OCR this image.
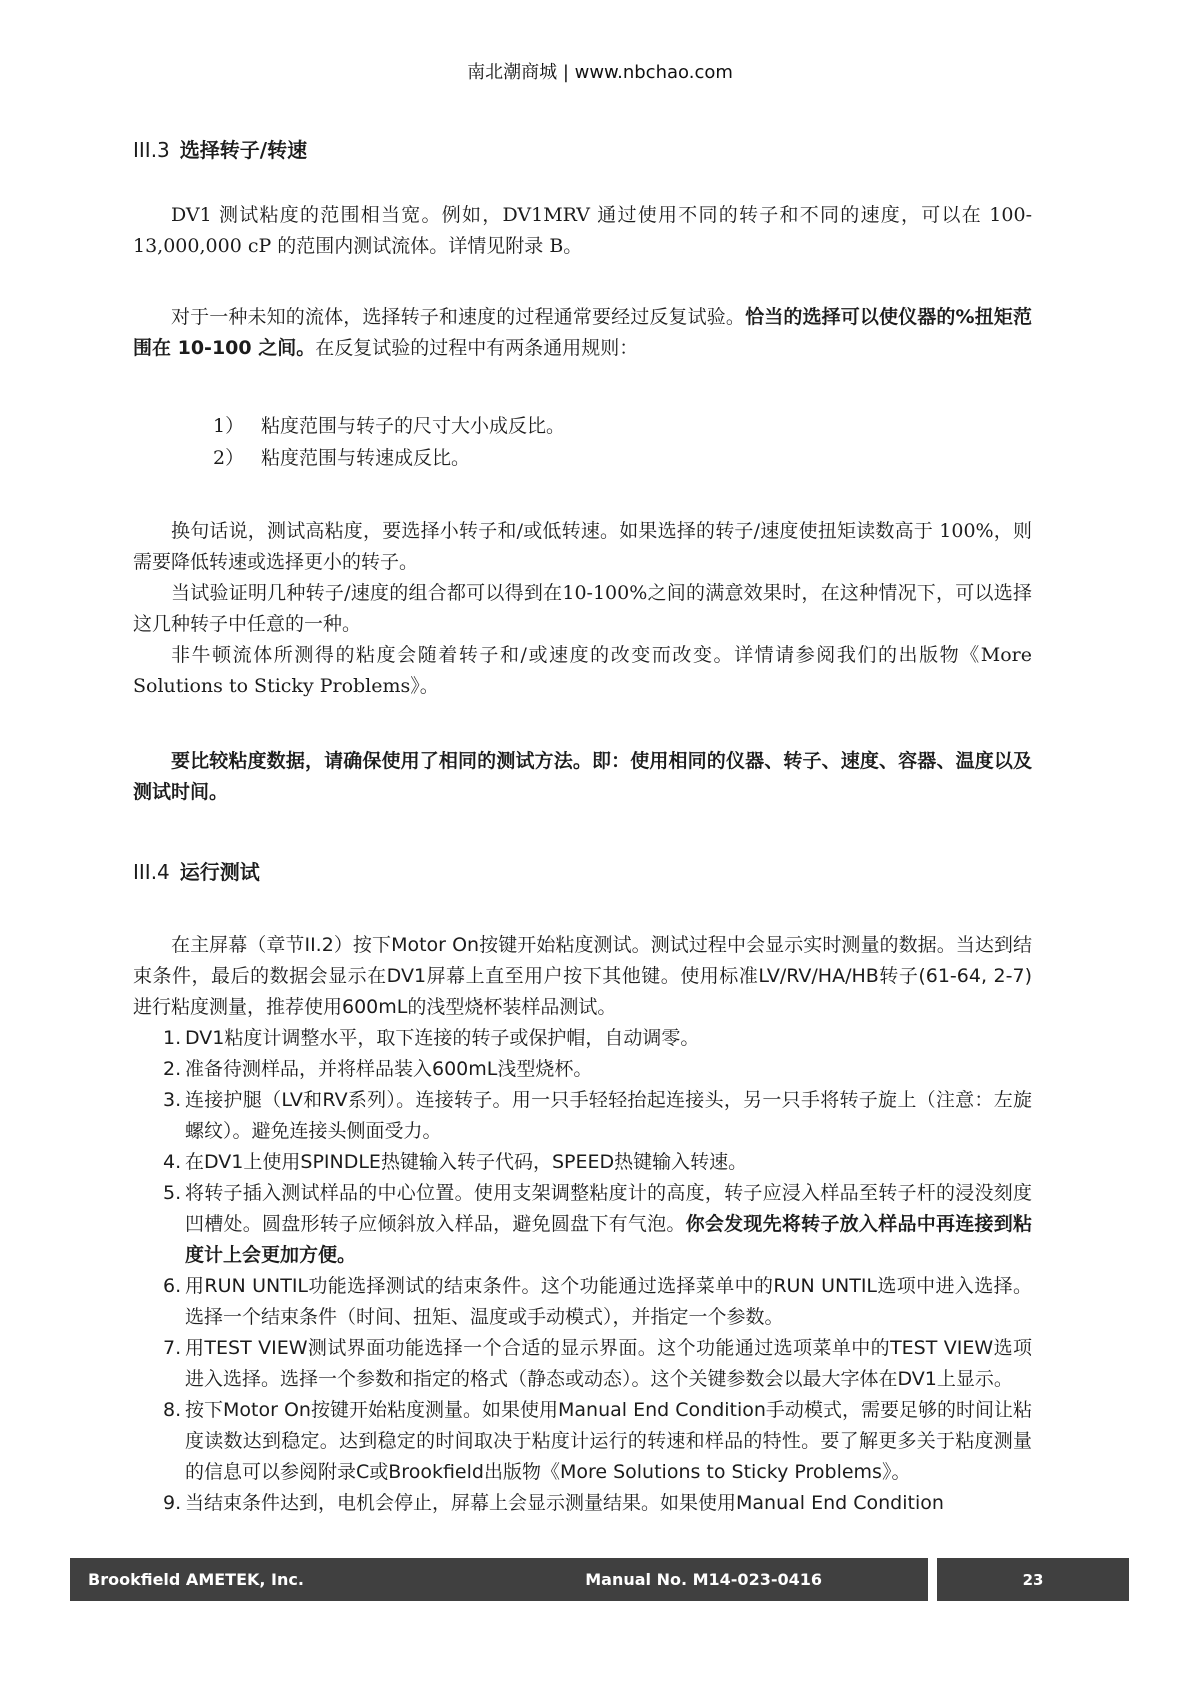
南北潮商城 | www.nbchao.com
III.3 选择转子/转速

DV1 测试粘度的范围相当宽。例如，DV1MRV 通过使用不同的转子和不同的速度，可以在 100-13,000,000 cP 的范围内测试流体。详情见附录 B。

对于一种未知的流体，选择转子和速度的过程通常要经过反复试验。恰当的选择可以使仪器的%扭矩范围在 10-100 之间。在反复试验的过程中有两条通用规则：

1） 粘度范围与转子的尺寸大小成反比。
2） 粘度范围与转速成反比。

换句话说，测试高粘度，要选择小转子和/或低转速。如果选择的转子/速度使扭矩读数高于 100%，则需要降低转速或选择更小的转子。

当试验证明几种转子/速度的组合都可以得到在10-100%之间的满意效果时，在这种情况下，可以选择这几种转子中任意的一种。

非牛顿流体所测得的粘度会随着转子和/或速度的改变而改变。详情请参阅我们的出版物《More Solutions to Sticky Problems》。

要比较粘度数据，请确保使用了相同的测试方法。即：使用相同的仪器、转子、速度、容器、温度以及测试时间。

III.4 运行测试

在主屏幕（章节II.2）按下Motor On按键开始粘度测试。测试过程中会显示实时测量的数据。当达到结束条件，最后的数据会显示在DV1屏幕上直至用户按下其他键。使用标准LV/RV/HA/HB转子(61-64, 2-7)进行粘度测量，推荐使用600mL的浅型烧杯装样品测试。

1. DV1粘度计调整水平，取下连接的转子或保护帽，自动调零。
2. 准备待测样品，并将样品装入600mL浅型烧杯。
3. 连接护腿（LV和RV系列）。连接转子。用一只手轻轻抬起连接头，另一只手将转子旋上（注意：左旋螺纹）。避免连接头侧面受力。
4. 在DV1上使用SPINDLE热键输入转子代码，SPEED热键输入转速。
5. 将转子插入测试样品的中心位置。使用支架调整粘度计的高度，转子应浸入样品至转子杆的浸没刻度凹槽处。圆盘形转子应倾斜放入样品，避免圆盘下有气泡。你会发现先将转子放入样品中再连接到粘度计上会更加方便。
6. 用RUN UNTIL功能选择测试的结束条件。这个功能通过选择菜单中的RUN UNTIL选项中进入选择。选择一个结束条件（时间、扭矩、温度或手动模式），并指定一个参数。
7. 用TEST VIEW测试界面功能选择一个合适的显示界面。这个功能通过选项菜单中的TEST VIEW选项进入选择。选择一个参数和指定的格式（静态或动态）。这个关键参数会以最大字体在DV1上显示。
8. 按下Motor On按键开始粘度测量。如果使用Manual End Condition手动模式，需要足够的时间让粘度读数达到稳定。达到稳定的时间取决于粘度计运行的转速和样品的特性。要了解更多关于粘度测量的信息可以参阅附录C或Brookfield出版物《More Solutions to Sticky Problems》。
9. 当结束条件达到，电机会停止，屏幕上会显示测量结果。如果使用Manual End Condition
Brookfield AMETEK, Inc.	Manual No. M14-023-0416	23
